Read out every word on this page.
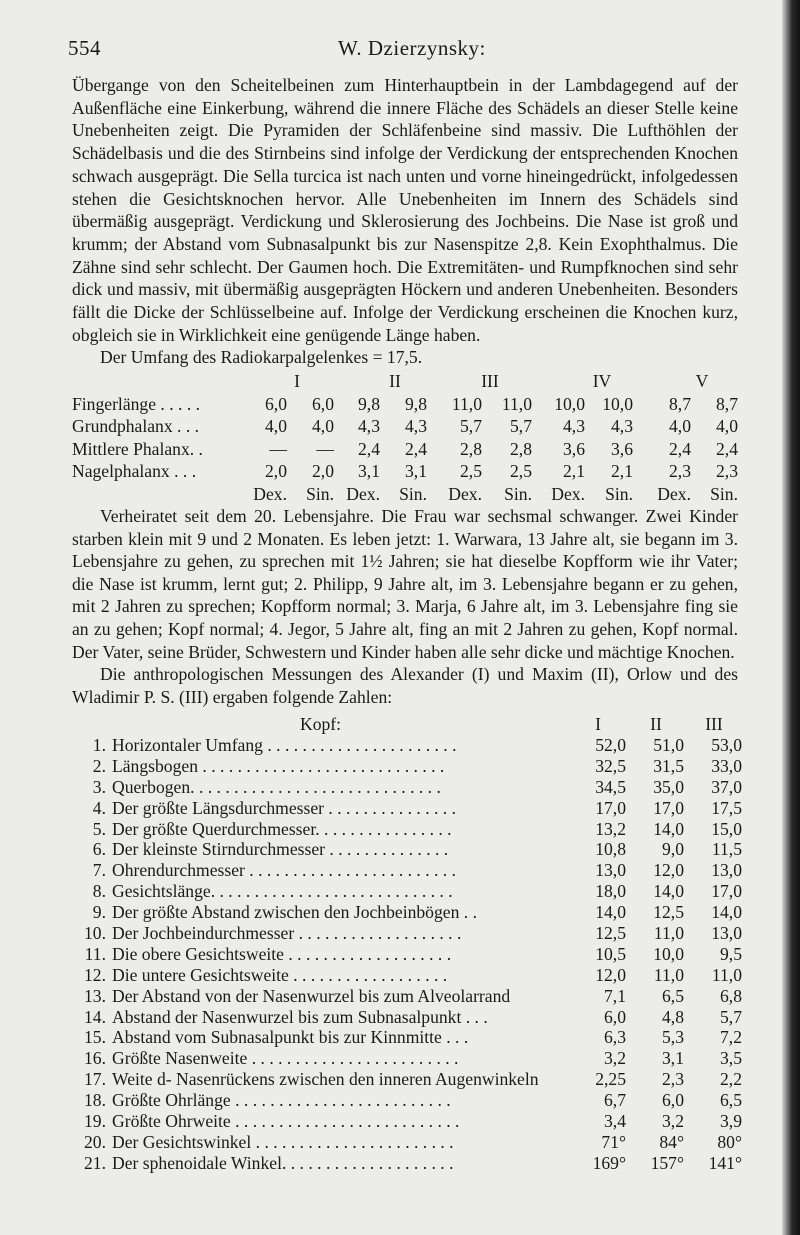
554	W. Dzierzynsky:

Übergange von den Scheitelbeinen zum Hinterhauptbein in der Lambdagegend auf der Außenfläche eine Einkerbung, während die innere Fläche des Schädels an dieser Stelle keine Unebenheiten zeigt. Die Pyramiden der Schläfenbeine sind massiv. Die Lufthöhlen der Schädelbasis und die des Stirnbeins sind infolge der Verdickung der entsprechenden Knochen schwach ausgeprägt. Die Sella turcica ist nach unten und vorne hineingedrückt, infolgedessen stehen die Gesichtsknochen hervor. Alle Unebenheiten im Innern des Schädels sind übermäßig ausgeprägt. Verdickung und Sklerosierung des Jochbeins. Die Nase ist groß und krumm; der Abstand vom Subnasalpunkt bis zur Nasenspitze 2,8. Kein Exophthalmus. Die Zähne sind sehr schlecht. Der Gaumen hoch. Die Extremitäten- und Rumpfknochen sind sehr dick und massiv, mit übermäßig ausgeprägten Höckern und anderen Unebenheiten. Besonders fällt die Dicke der Schlüsselbeine auf. Infolge der Verdickung erscheinen die Knochen kurz, obgleich sie in Wirklichkeit eine genügende Länge haben.

Der Umfang des Radiokarpalgelenkes = 17,5.

I	II	III	IV	V
Fingerlänge . . . . .	6,0	6,0	9,8	9,8	11,0	11,0	10,0 10,0	8,7	8,7
Grundphalanx . . .	4,0	4,0	4,3	4,3	5,7	5,7	4,3	4,3	4,0	4,0
Mittlere Phalanx. .	—	—	2,4	2,4	2,8	2,8	3,6	3,6	2,4	2,4
Nagelphalanx . . .	2,0	2,0	3,1	3,1	2,5	2,5	2,1	2,1	2,3	2,3
Dex.	Sin. Dex.	Sin.	Dex.	Sin.	Dex.	Sin.	Dex.	Sin.

Verheiratet seit dem 20. Lebensjahre. Die Frau war sechsmal schwanger. Zwei Kinder starben klein mit 9 und 2 Monaten. Es leben jetzt: 1. Warwara, 13 Jahre alt, sie begann im 3. Lebensjahre zu gehen, zu sprechen mit 1½ Jahren; sie hat dieselbe Kopfform wie ihr Vater; die Nase ist krumm, lernt gut; 2. Philipp, 9 Jahre alt, im 3. Lebensjahre begann er zu gehen, mit 2 Jahren zu sprechen; Kopfform normal; 3. Marja, 6 Jahre alt, im 3. Lebensjahre fing sie an zu gehen; Kopf normal; 4. Jegor, 5 Jahre alt, fing an mit 2 Jahren zu gehen, Kopf normal. Der Vater, seine Brüder, Schwestern und Kinder haben alle sehr dicke und mächtige Knochen.

Die anthropologischen Messungen des Alexander (I) und Maxim (II), Orlow und des Wladimir P. S. (III) ergaben folgende Zahlen:

Kopf:	I	II	III
1. Horizontaler Umfang . . . . . . . . . . . . . . . . . . . . . .	52,0	51,0	53,0
2. Längsbogen . . . . . . . . . . . . . . . . . . . . . . . . . . . .	32,5	31,5	33,0
3. Querbogen. . . . . . . . . . . . . . . . . . . . . . . . . . . . .	34,5	35,0	37,0
4. Der größte Längsdurchmesser . . . . . . . . . . . . . . .	17,0	17,0	17,5
5. Der größte Querdurchmesser. . . . . . . . . . . . . . . .	13,2	14,0	15,0
6. Der kleinste Stirndurchmesser . . . . . . . . . . . . . .	10,8	9,0	11,5
7. Ohrendurchmesser . . . . . . . . . . . . . . . . . . . . . . . .	13,0	12,0	13,0
8. Gesichtslänge. . . . . . . . . . . . . . . . . . . . . . . . . . . .	18,0	14,0	17,0
9. Der größte Abstand zwischen den Jochbeinbögen . .	14,0	12,5	14,0
10. Der Jochbeindurchmesser . . . . . . . . . . . . . . . . . . .	12,5	11,0	13,0
11. Die obere Gesichtsweite . . . . . . . . . . . . . . . . . . .	10,5	10,0	9,5
12. Die untere Gesichtsweite . . . . . . . . . . . . . . . . . .	12,0	11,0	11,0
13. Der Abstand von der Nasenwurzel bis zum Alveolarrand	7,1	6,5	6,8
14. Abstand der Nasenwurzel bis zum Subnasalpunkt . . .	6,0	4,8	5,7
15. Abstand vom Subnasalpunkt bis zur Kinnmitte . . .	6,3	5,3	7,2
16. Größte Nasenweite . . . . . . . . . . . . . . . . . . . . . . . .	3,2	3,1	3,5
17. Weite d- Nasenrückens zwischen den inneren Augenwinkeln	2,25	2,3	2,2
18. Größte Ohrlänge . . . . . . . . . . . . . . . . . . . . . . . . .	6,7	6,0	6,5
19. Größte Ohrweite . . . . . . . . . . . . . . . . . . . . . . . . . .	3,4	3,2	3,9
20. Der Gesichtswinkel . . . . . . . . . . . . . . . . . . . . . . .	71°	84°	80°
21. Der sphenoidale Winkel. . . . . . . . . . . . . . . . . . . .	169°	157°	141°
